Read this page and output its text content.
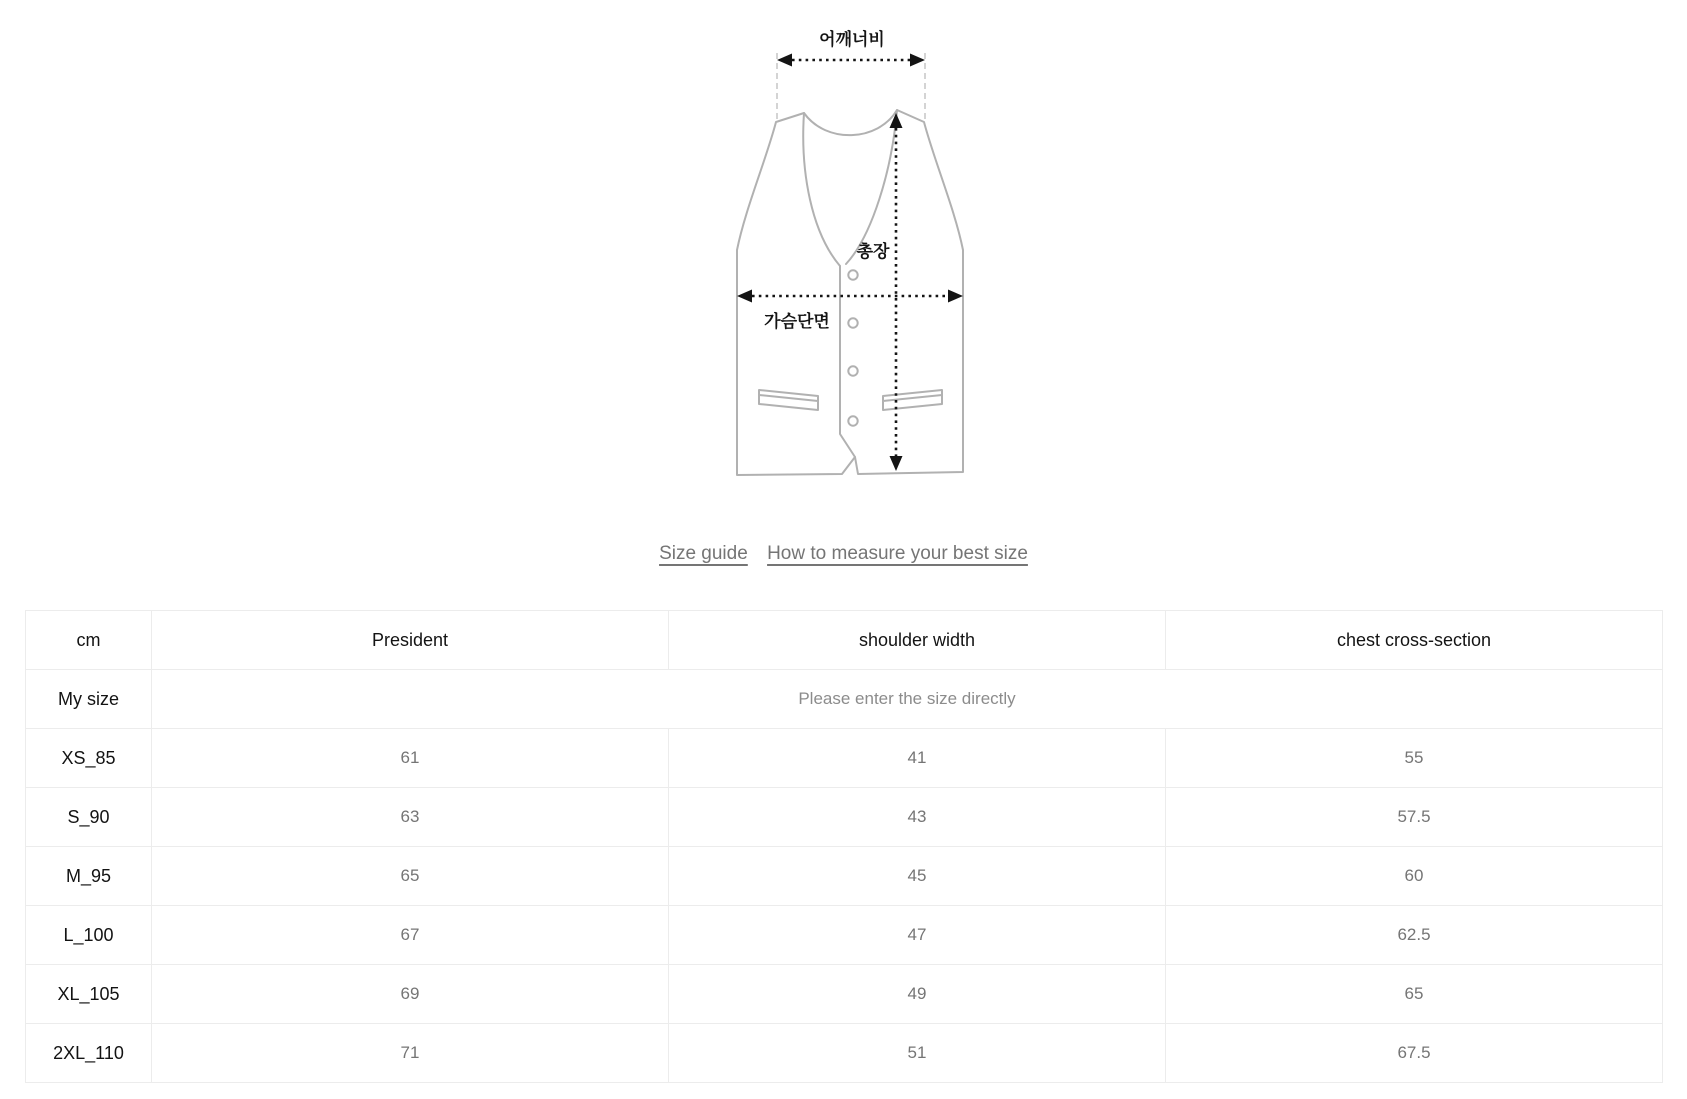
어깨너비
총장
가슴단면
Size guide How to measure your best size
cm	President	shoulder width	chest cross-section
My size	Please enter the size directly		
XS_85	61	41	55
S_90	63	43	57.5
M_95	65	45	60
L_100	67	47	62.5
XL_105	69	49	65
2XL_110	71	51	67.5
